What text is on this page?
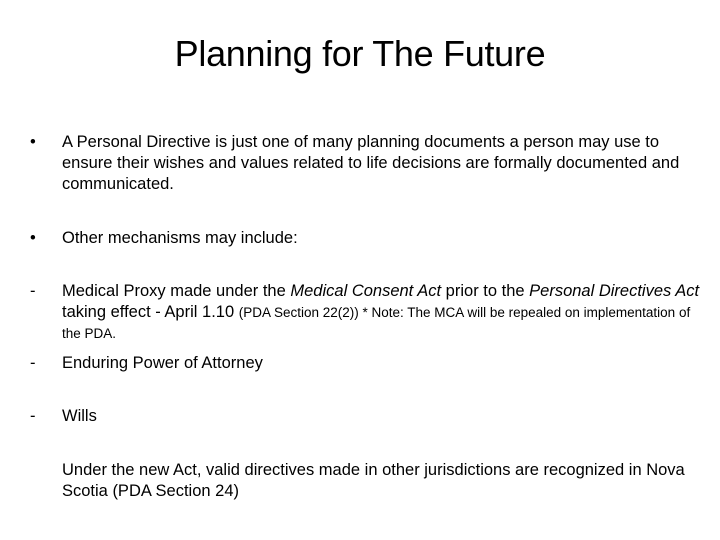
Planning for The Future
•	A Personal Directive is just one of many planning documents a person may use to ensure their wishes and values related to life decisions are formally documented and communicated.
•	Other mechanisms may include:
-	Medical Proxy made under the Medical Consent Act prior to the Personal Directives Act taking effect - April 1.10 (PDA Section 22(2)) * Note: The MCA will be repealed on implementation of the PDA.
-	Enduring Power of Attorney
-	Wills
Under the new Act, valid directives made in other jurisdictions are recognized in Nova Scotia (PDA Section 24)
